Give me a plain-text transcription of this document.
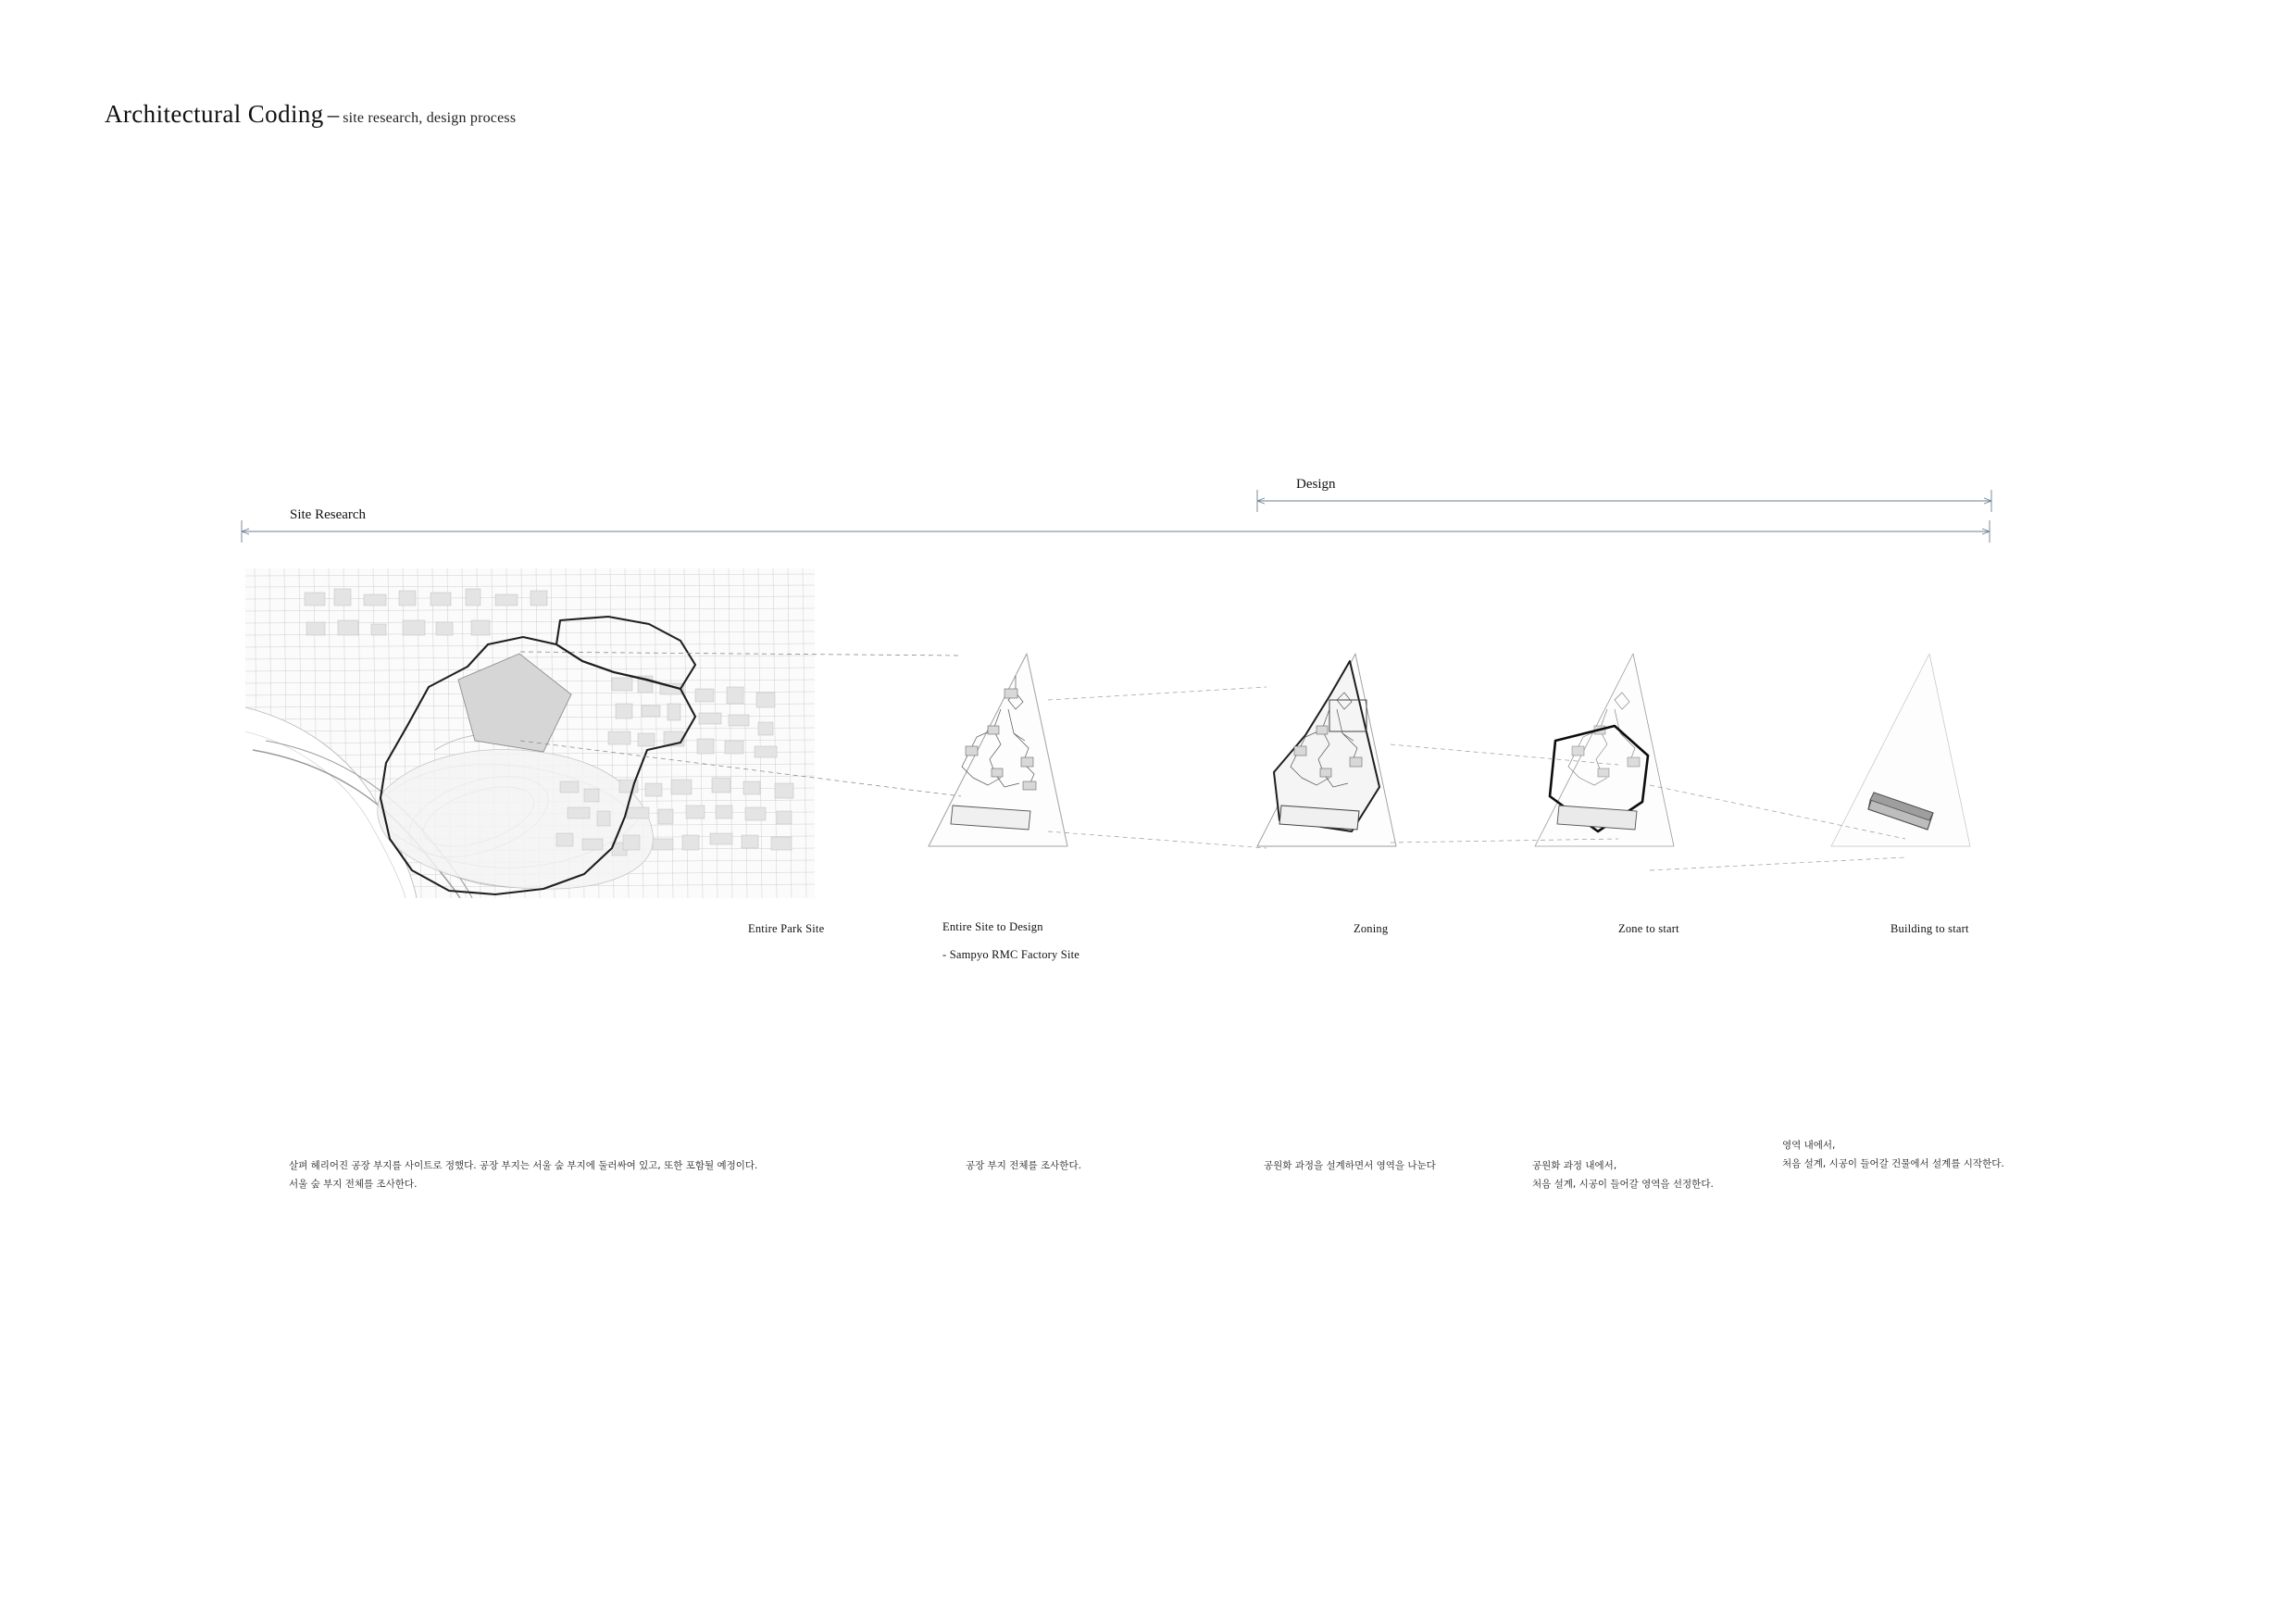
Architectural Coding – site research, design process
Site Research
Design
Entire Park Site	Entire Site to Design
- Sampyo RMC Factory Site
Zoning	Zone to start	Building to start
살펴 헤리어진 공장 부지를 사이트로 정했다. 공장 부지는 서울 숲 부지에 둘러싸여 있고, 또한 포함될 예정이다.
서울 숲 부지 전체를 조사한다.
공장 부지 전체를 조사한다.	공원화 과정을 설계하면서 영역을 나눈다	공원화 과정 내에서,
처음 설계, 시공이 들어갈 영역을 선정한다.
영역 내에서,
처음 설계, 시공이 들어갈 건물에서 설계를 시작한다.
